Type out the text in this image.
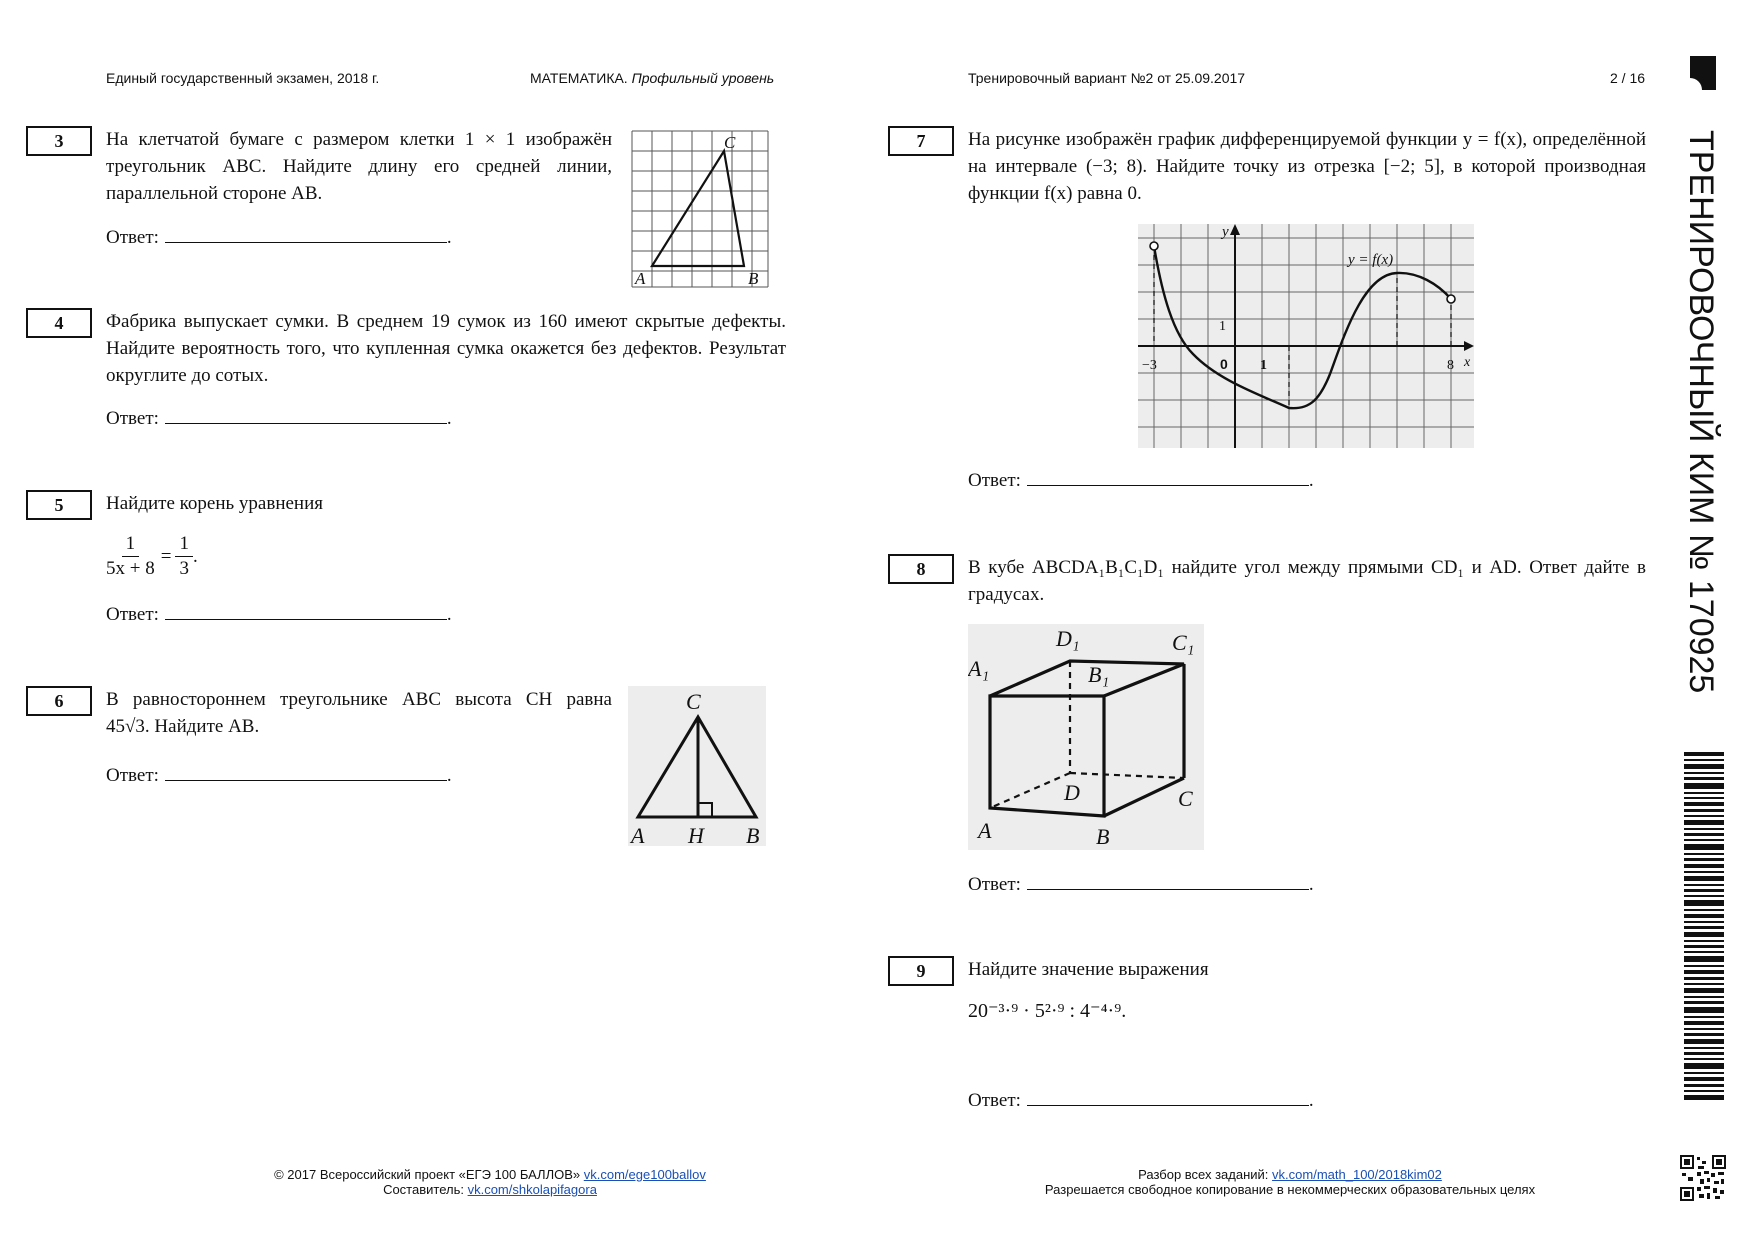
Единый государственный экзамен, 2018 г.	МАТЕМАТИКА. Профильный уровень	Тренировочный вариант №2 от 25.09.2017	2 / 16
3	На клетчатой бумаге с размером клетки 1 × 1 изображён треугольник ABC. Найдите длину его средней линии, параллельной стороне AB.
Ответ:	.
C
A	B
4	Фабрика выпускает сумки. В среднем 19 сумок из 160 имеют скрытые дефекты. Найдите вероятность того, что купленная сумка окажется без дефектов. Результат округлите до сотых.
Ответ:	.
5	Найдите корень уравнения
$\frac{1}{5x + 8} = \frac{1}{3}$ .
Ответ:	.
6	В равностороннем треугольнике ABC высота CH равна
45√3. Найдите AB.
Ответ:	.
C
A H B
7	На рисунке изображён график дифференцируемой функции y = f(x), определённой на интервале (−3; 8). Найдите точку из отрезка [−2; 5], в которой производная функции f(x) равна 0.
y
x
y = f(x)
1
0 1
−3	8
Ответ:	.
8	В кубе ABCDA₁B₁C₁D₁ найдите угол между прямыми CD₁ и AD. Ответ дайте в градусах.
A₁
D₁	C₁
B₁
D	C
A	B
Ответ:	.
9	Найдите значение выражения
20⁻³·⁹ · 5²·⁹ : 4⁻⁴·⁹.
Ответ:	.
ТРЕНИРОВОЧНЫЙ КИМ № 170925
© 2017 Всероссийский проект «ЕГЭ 100 БАЛЛОВ» vk.com/ege100ballov
Составитель: vk.com/shkolapifagora
Разбор всех заданий: vk.com/math_100/2018kim02
Разрешается свободное копирование в некоммерческих образовательных целях
